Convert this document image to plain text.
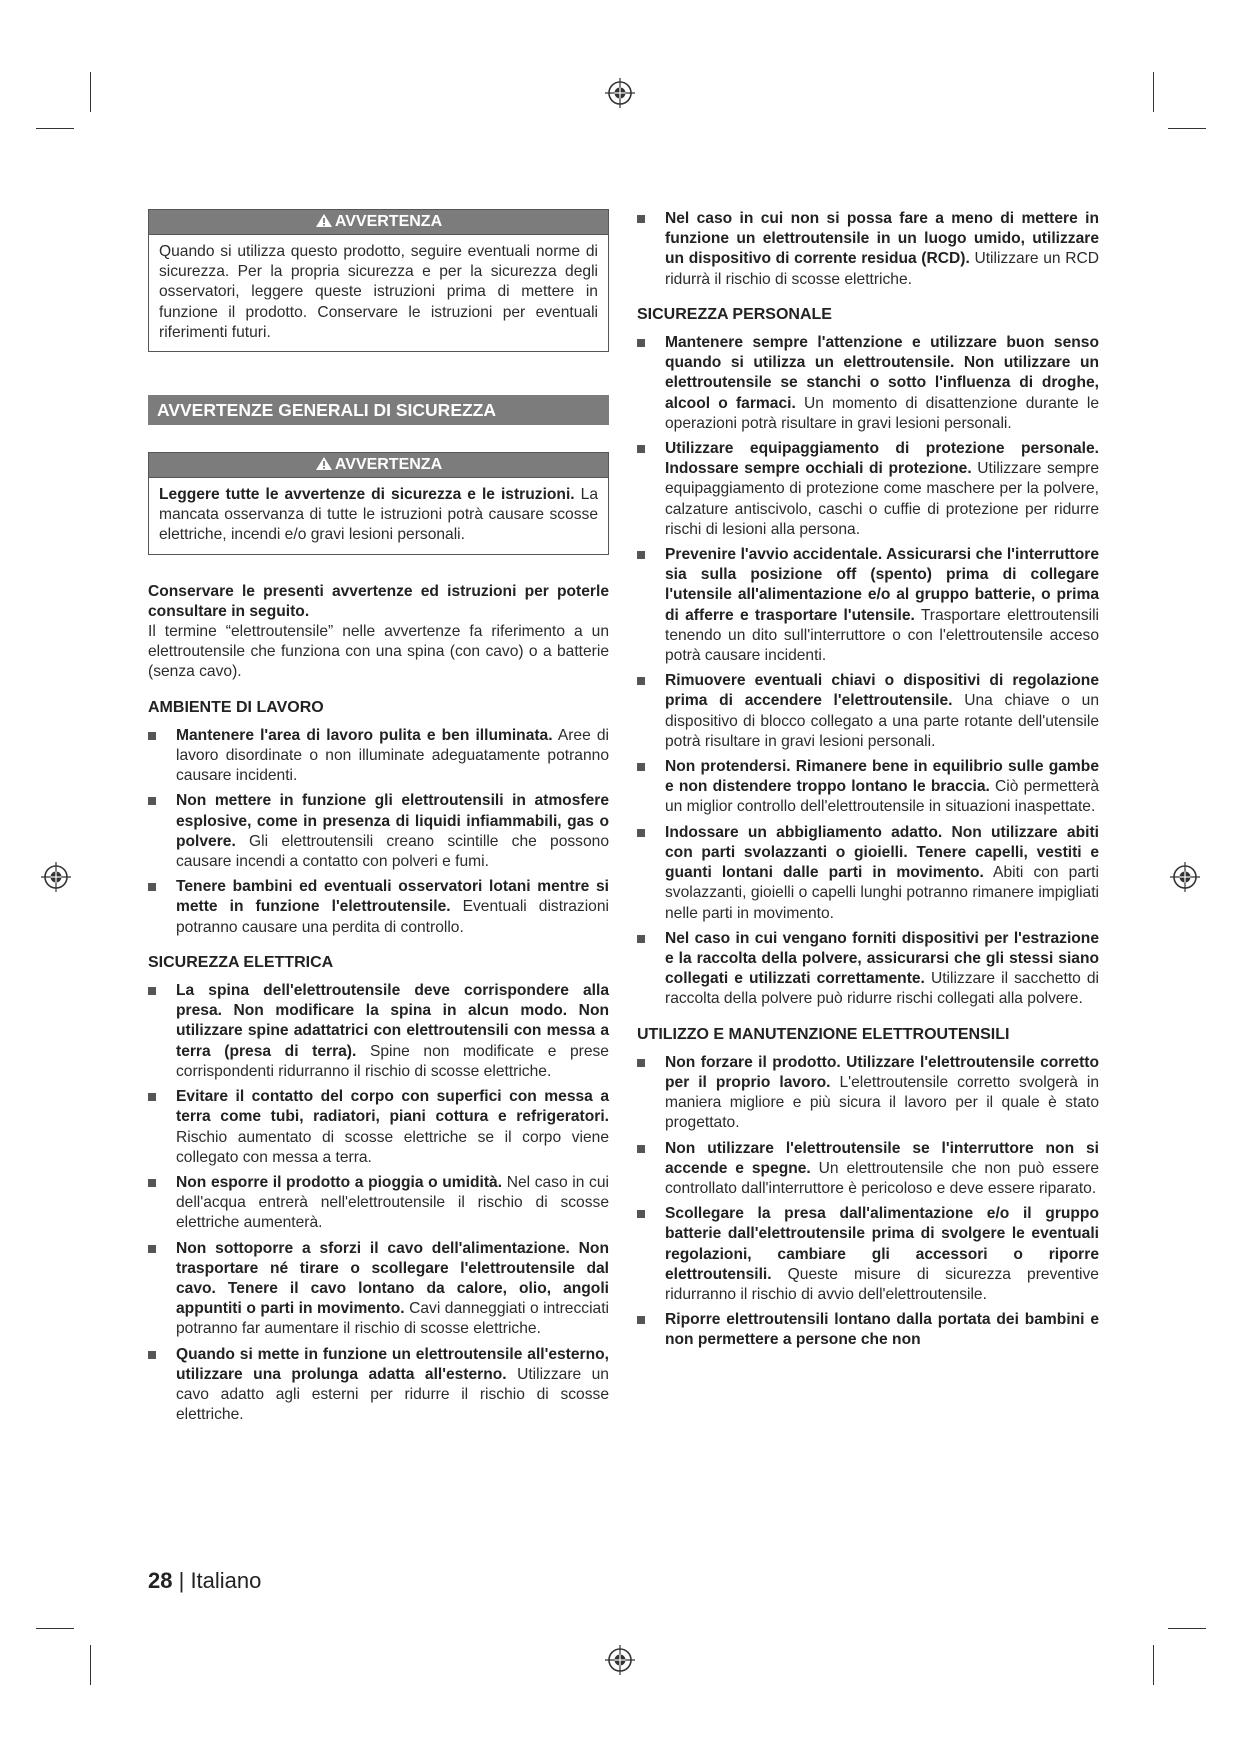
AVVERTENZA
Quando si utilizza questo prodotto, seguire eventuali norme di sicurezza. Per la propria sicurezza e per la sicurezza degli osservatori, leggere queste istruzioni prima di mettere in funzione il prodotto. Conservare le istruzioni per eventuali riferimenti futuri.
AVVERTENZE GENERALI DI SICUREZZA
AVVERTENZA
Leggere tutte le avvertenze di sicurezza e le istruzioni. La mancata osservanza di tutte le istruzioni potrà causare scosse elettriche, incendi e/o gravi lesioni personali.
Conservare le presenti avvertenze ed istruzioni per poterle consultare in seguito.
Il termine “elettroutensile” nelle avvertenze fa riferimento a un elettroutensile che funziona con una spina (con cavo) o a batterie (senza cavo).
AMBIENTE DI LAVORO
Mantenere l'area di lavoro pulita e ben illuminata. Aree di lavoro disordinate o non illuminate adeguatamente potranno causare incidenti.
Non mettere in funzione gli elettroutensili in atmosfere esplosive, come in presenza di liquidi infiammabili, gas o polvere. Gli elettroutensili creano scintille che possono causare incendi a contatto con polveri e fumi.
Tenere bambini ed eventuali osservatori lotani mentre si mette in funzione l'elettroutensile. Eventuali distrazioni potranno causare una perdita di controllo.
SICUREZZA ELETTRICA
La spina dell'elettroutensile deve corrispondere alla presa. Non modificare la spina in alcun modo. Non utilizzare spine adattatrici con elettroutensili con messa a terra (presa di terra). Spine non modificate e prese corrispondenti ridurranno il rischio di scosse elettriche.
Evitare il contatto del corpo con superfici con messa a terra come tubi, radiatori, piani cottura e refrigeratori. Rischio aumentato di scosse elettriche se il corpo viene collegato con messa a terra.
Non esporre il prodotto a pioggia o umidità. Nel caso in cui dell'acqua entrerà nell'elettroutensile il rischio di scosse elettriche aumenterà.
Non sottoporre a sforzi il cavo dell'alimentazione. Non trasportare né tirare o scollegare l'elettroutensile dal cavo. Tenere il cavo lontano da calore, olio, angoli appuntiti o parti in movimento. Cavi danneggiati o intrecciati potranno far aumentare il rischio di scosse elettriche.
Quando si mette in funzione un elettroutensile all'esterno, utilizzare una prolunga adatta all'esterno. Utilizzare un cavo adatto agli esterni per ridurre il rischio di scosse elettriche.
Nel caso in cui non si possa fare a meno di mettere in funzione un elettroutensile in un luogo umido, utilizzare un dispositivo di corrente residua (RCD). Utilizzare un RCD ridurrà il rischio di scosse elettriche.
SICUREZZA PERSONALE
Mantenere sempre l'attenzione e utilizzare buon senso quando si utilizza un elettroutensile. Non utilizzare un elettroutensile se stanchi o sotto l'influenza di droghe, alcool o farmaci. Un momento di disattenzione durante le operazioni potrà risultare in gravi lesioni personali.
Utilizzare equipaggiamento di protezione personale. Indossare sempre occhiali di protezione. Utilizzare sempre equipaggiamento di protezione come maschere per la polvere, calzature antiscivolo, caschi o cuffie di protezione per ridurre rischi di lesioni alla persona.
Prevenire l'avvio accidentale. Assicurarsi che l'interruttore sia sulla posizione off (spento) prima di collegare l'utensile all'alimentazione e/o al gruppo batterie, o prima di afferre e trasportare l'utensile. Trasportare elettroutensili tenendo un dito sull'interruttore o con l'elettroutensile acceso potrà causare incidenti.
Rimuovere eventuali chiavi o dispositivi di regolazione prima di accendere l'elettroutensile. Una chiave o un dispositivo di blocco collegato a una parte rotante dell'utensile potrà risultare in gravi lesioni personali.
Non protendersi. Rimanere bene in equilibrio sulle gambe e non distendere troppo lontano le braccia. Ciò permetterà un miglior controllo dell'elettroutensile in situazioni inaspettate.
Indossare un abbigliamento adatto. Non utilizzare abiti con parti svolazzanti o gioielli. Tenere capelli, vestiti e guanti lontani dalle parti in movimento. Abiti con parti svolazzanti, gioielli o capelli lunghi potranno rimanere impigliati nelle parti in movimento.
Nel caso in cui vengano forniti dispositivi per l'estrazione e la raccolta della polvere, assicurarsi che gli stessi siano collegati e utilizzati correttamente. Utilizzare il sacchetto di raccolta della polvere può ridurre rischi collegati alla polvere.
UTILIZZO E MANUTENZIONE ELETTROUTENSILI
Non forzare il prodotto. Utilizzare l'elettroutensile corretto per il proprio lavoro. L'elettroutensile corretto svolgerà in maniera migliore e più sicura il lavoro per il quale è stato progettato.
Non utilizzare l'elettroutensile se l'interruttore non si accende e spegne. Un elettroutensile che non può essere controllato dall'interruttore è pericoloso e deve essere riparato.
Scollegare la presa dall'alimentazione e/o il gruppo batterie dall'elettroutensile prima di svolgere le eventuali regolazioni, cambiare gli accessori o riporre elettroutensili. Queste misure di sicurezza preventive ridurranno il rischio di avvio dell'elettroutensile.
Riporre elettroutensili lontano dalla portata dei bambini e non permettere a persone che non
28 | Italiano
